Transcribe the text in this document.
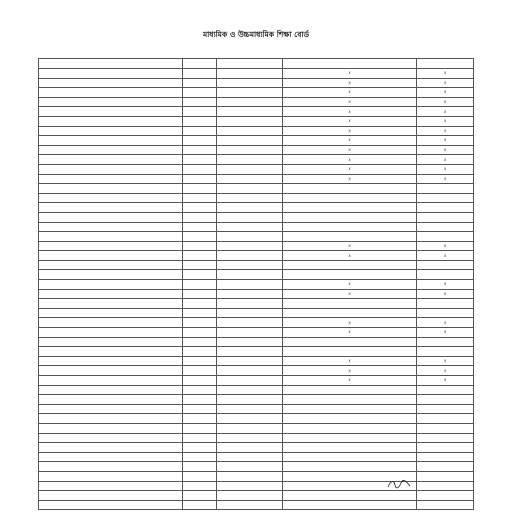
মাধ্যমিক ও উচ্চমাধ্যমিক শিক্ষা বোর্ড

			X	X
			X	X
			X	X
			X	X
			X	X
			X	X
			X	X
			X	X
			X	X
			X	X
			X	X
			X	X

			X	X
			X	X

			X	X
			X	X

			X	X
			X	X

			X	X
			X	X
			X	X
